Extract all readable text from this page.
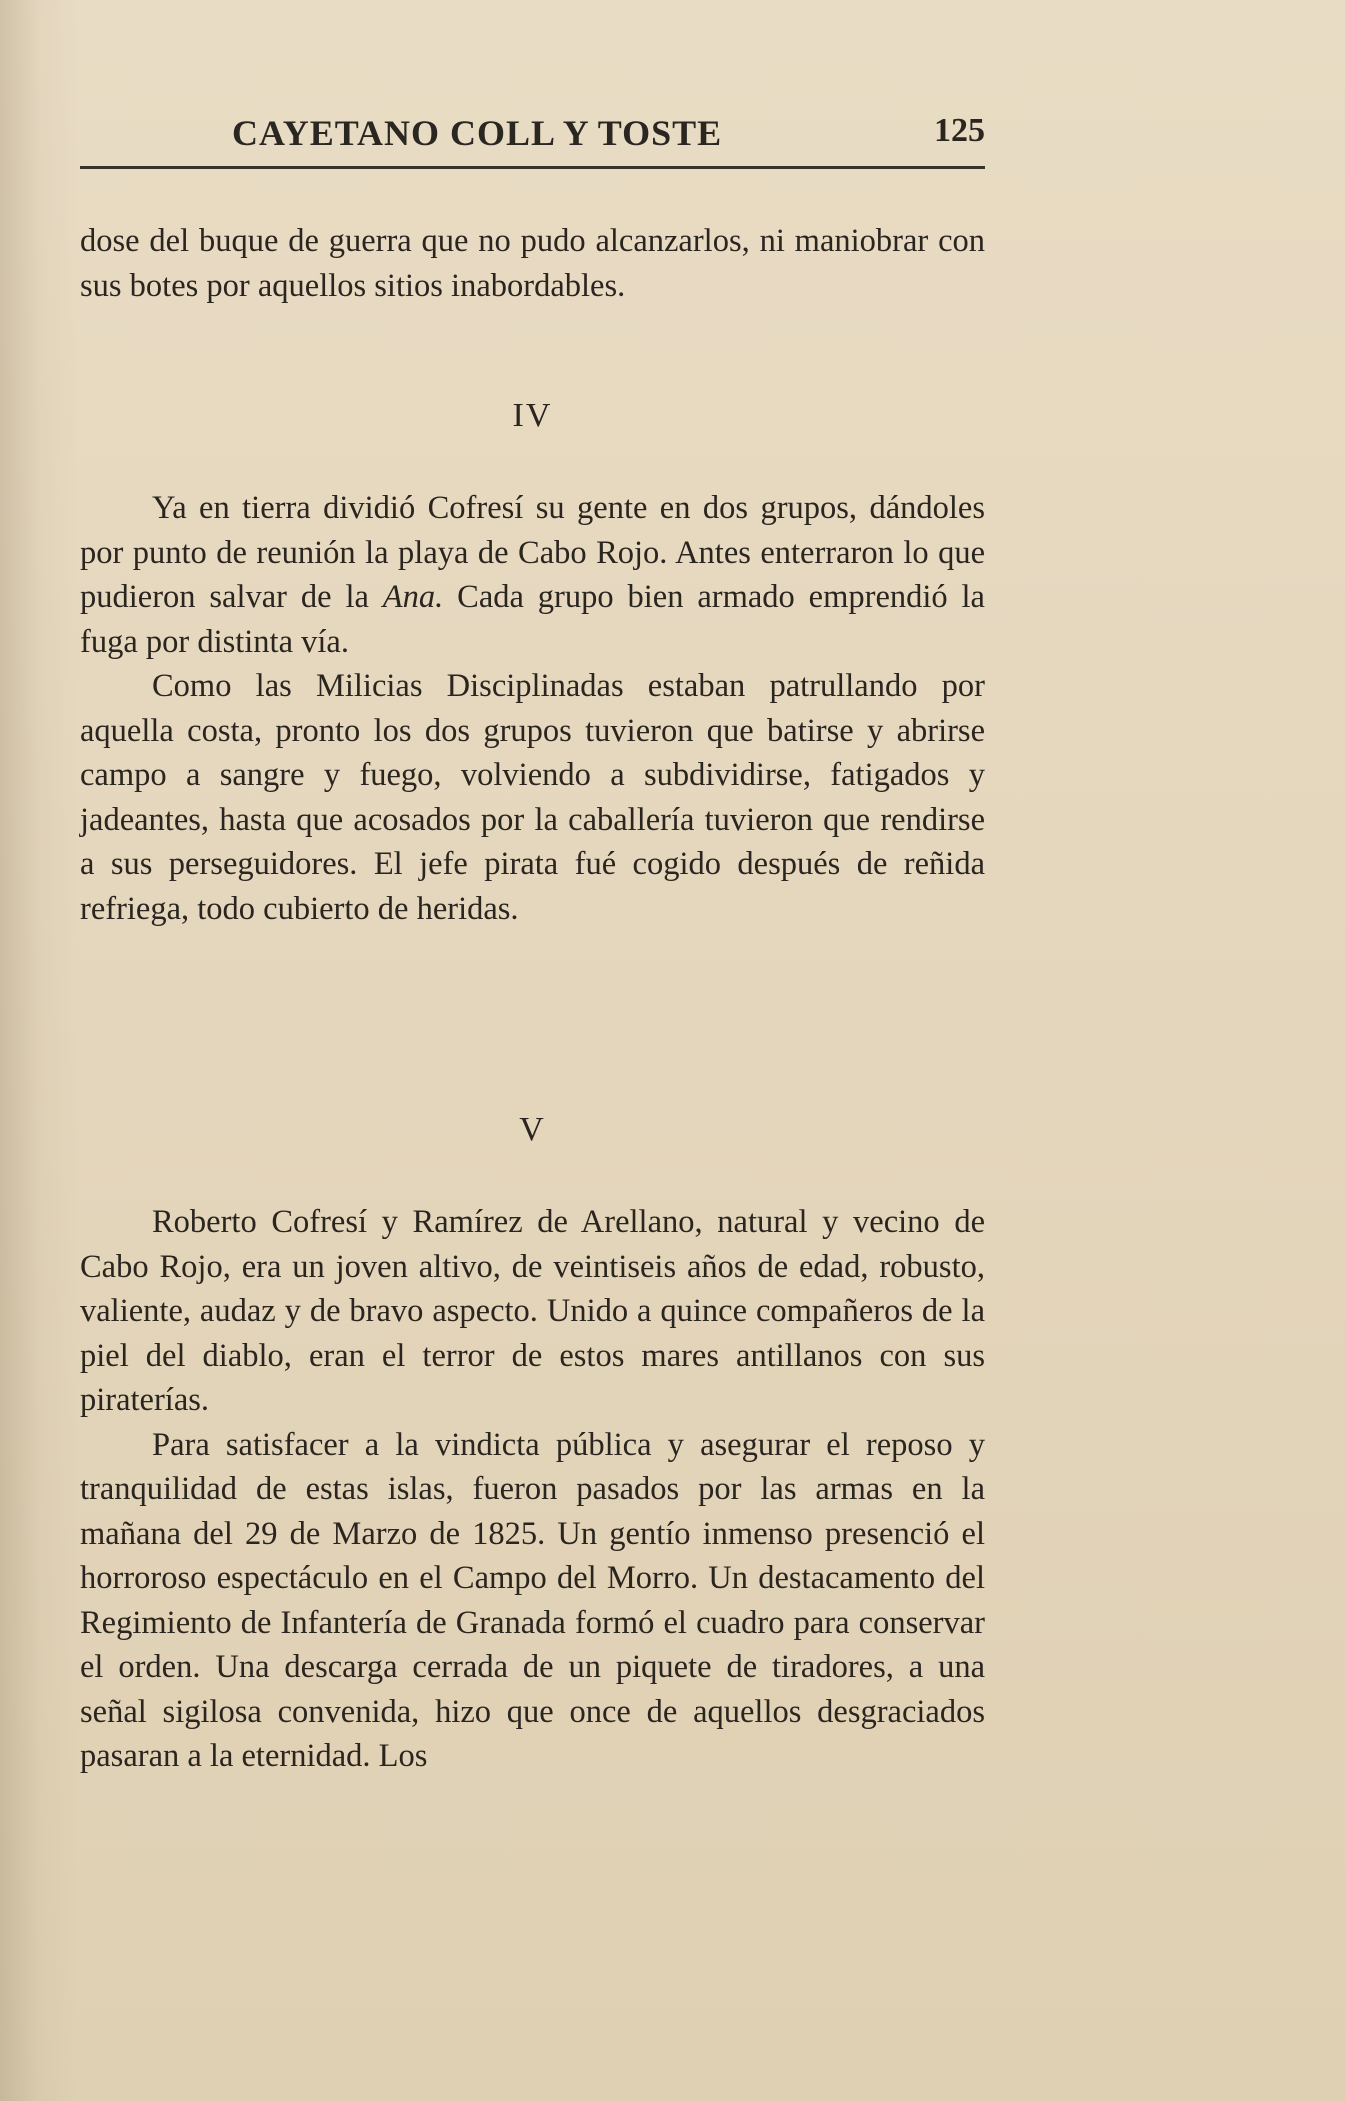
CAYETANO COLL Y TOSTE	125

dose del buque de guerra que no pudo alcanzarlos, ni maniobrar con sus botes por aquellos sitios inabordables.

IV

Ya en tierra dividió Cofresí su gente en dos grupos, dándoles por punto de reunión la playa de Cabo Rojo. Antes enterraron lo que pudieron salvar de la Ana. Cada grupo bien armado emprendió la fuga por distinta vía.

Como las Milicias Disciplinadas estaban patrullando por aquella costa, pronto los dos grupos tuvieron que batirse y abrirse campo a sangre y fuego, volviendo a subdividirse, fatigados y jadeantes, hasta que acosados por la caballería tuvieron que rendirse a sus perseguidores. El jefe pirata fué cogido después de reñida refriega, todo cubierto de heridas.

V

Roberto Cofresí y Ramírez de Arellano, natural y vecino de Cabo Rojo, era un joven altivo, de veintiseis años de edad, robusto, valiente, audaz y de bravo aspecto. Unido a quince compañeros de la piel del diablo, eran el terror de estos mares antillanos con sus piraterías.

Para satisfacer a la vindicta pública y asegurar el reposo y tranquilidad de estas islas, fueron pasados por las armas en la mañana del 29 de Marzo de 1825. Un gentío inmenso presenció el horroroso espectáculo en el Campo del Morro. Un destacamento del Regimiento de Infantería de Granada formó el cuadro para conservar el orden. Una descarga cerrada de un piquete de tiradores, a una señal sigilosa convenida, hizo que once de aquellos desgraciados pasaran a la eternidad. Los
